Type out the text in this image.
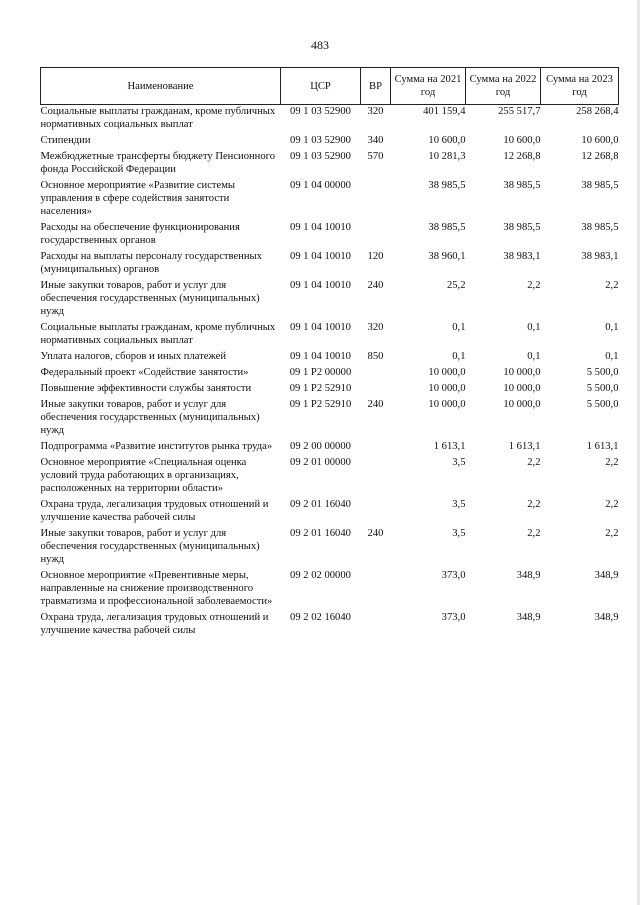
483
Наименование	ЦСР	ВР	Сумма на 2021 год	Сумма на 2022 год	Сумма на 2023 год
Социальные выплаты гражданам, кроме публичных нормативных социальных выплат	09 1 03 52900	320	401 159,4	255 517,7	258 268,4
Стипендии	09 1 03 52900	340	10 600,0	10 600,0	10 600,0
Межбюджетные трансферты бюджету Пенсионного фонда Российской Федерации	09 1 03 52900	570	10 281,3	12 268,8	12 268,8
Основное мероприятие «Развитие системы управления в сфере содействия занятости населения»	09 1 04 00000		38 985,5	38 985,5	38 985,5
Расходы на обеспечение функционирования государственных органов	09 1 04 10010		38 985,5	38 985,5	38 985,5
Расходы на выплаты персоналу государственных (муниципальных) органов	09 1 04 10010	120	38 960,1	38 983,1	38 983,1
Иные закупки товаров, работ и услуг для обеспечения государственных (муниципальных) нужд	09 1 04 10010	240	25,2	2,2	2,2
Социальные выплаты гражданам, кроме публичных нормативных социальных выплат	09 1 04 10010	320	0,1	0,1	0,1
Уплата налогов, сборов и иных платежей	09 1 04 10010	850	0,1	0,1	0,1
Федеральный проект «Содействие занятости»	09 1 P2 00000		10 000,0	10 000,0	5 500,0
Повышение эффективности службы занятости	09 1 P2 52910		10 000,0	10 000,0	5 500,0
Иные закупки товаров, работ и услуг для обеспечения государственных (муниципальных) нужд	09 1 P2 52910	240	10 000,0	10 000,0	5 500,0
Подпрограмма «Развитие институтов рынка труда»	09 2 00 00000		1 613,1	1 613,1	1 613,1
Основное мероприятие «Специальная оценка условий труда работающих в организациях, расположенных на территории области»	09 2 01 00000		3,5	2,2	2,2
Охрана труда, легализация трудовых отношений и улучшение качества рабочей силы	09 2 01 16040		3,5	2,2	2,2
Иные закупки товаров, работ и услуг для обеспечения государственных (муниципальных) нужд	09 2 01 16040	240	3,5	2,2	2,2
Основное мероприятие «Превентивные меры, направленные на снижение производственного травматизма и профессиональной заболеваемости»	09 2 02 00000		373,0	348,9	348,9
Охрана труда, легализация трудовых отношений и улучшение качества рабочей силы	09 2 02 16040		373,0	348,9	348,9
